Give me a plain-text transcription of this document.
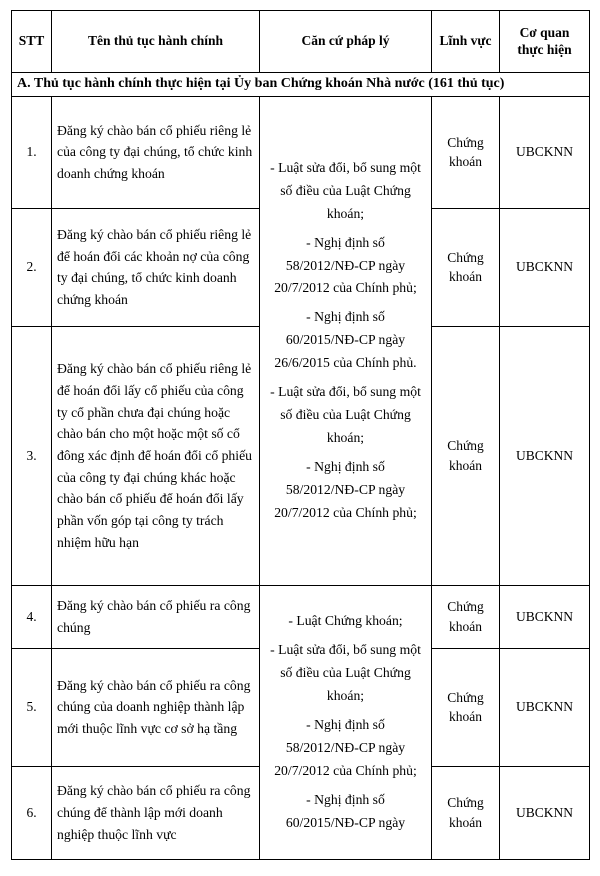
STT	Tên thủ tục hành chính	Căn cứ pháp lý	Lĩnh vực	Cơ quan
thực hiện
A. Thủ tục hành chính thực hiện tại Ủy ban Chứng khoán Nhà nước (161 thủ tục)				
1.	Đăng ký chào bán cổ phiếu riêng lẻ của công ty đại chúng, tổ chức kinh doanh chứng khoán	- Luật sửa đổi, bổ sung một
số điều của Luật Chứng
khoán;
- Nghị định số
58/2012/NĐ-CP ngày
20/7/2012 của Chính phủ;
- Nghị định số
60/2015/NĐ-CP ngày
26/6/2015 của Chính phủ.
- Luật sửa đổi, bổ sung một
số điều của Luật Chứng
khoán;
- Nghị định số
58/2012/NĐ-CP ngày
20/7/2012 của Chính phủ;
	Chứng
khoán	UBCKNN
2.	Đăng ký chào bán cổ phiếu riêng lẻ để hoán đổi các khoản nợ của công ty đại chúng, tổ chức kinh doanh chứng khoán		Chứng
khoán	UBCKNN
3.	Đăng ký chào bán cổ phiếu riêng lẻ để hoán đổi lấy cổ phiếu của công ty cổ phần chưa đại chúng hoặc chào bán cho một hoặc một số cổ đông xác định để hoán đổi cổ phiếu của công ty đại chúng khác hoặc chào bán cổ phiếu để hoán đổi lấy phần vốn góp tại công ty trách nhiệm hữu hạn		Chứng
khoán	UBCKNN
4.	Đăng ký chào bán cổ phiếu ra công chúng	- Luật Chứng khoán;
- Luật sửa đổi, bổ sung một
số điều của Luật Chứng
khoán;
- Nghị định số
58/2012/NĐ-CP ngày
20/7/2012 của Chính phủ;
- Nghị định số
60/2015/NĐ-CP ngày
	Chứng
khoán	UBCKNN
5.	Đăng ký chào bán cổ phiếu ra công chúng của doanh nghiệp thành lập mới thuộc lĩnh vực cơ sở hạ tầng		Chứng
khoán	UBCKNN
6.	Đăng ký chào bán cổ phiếu ra công chúng để thành lập mới doanh nghiệp thuộc lĩnh vực		Chứng
khoán	UBCKNN
